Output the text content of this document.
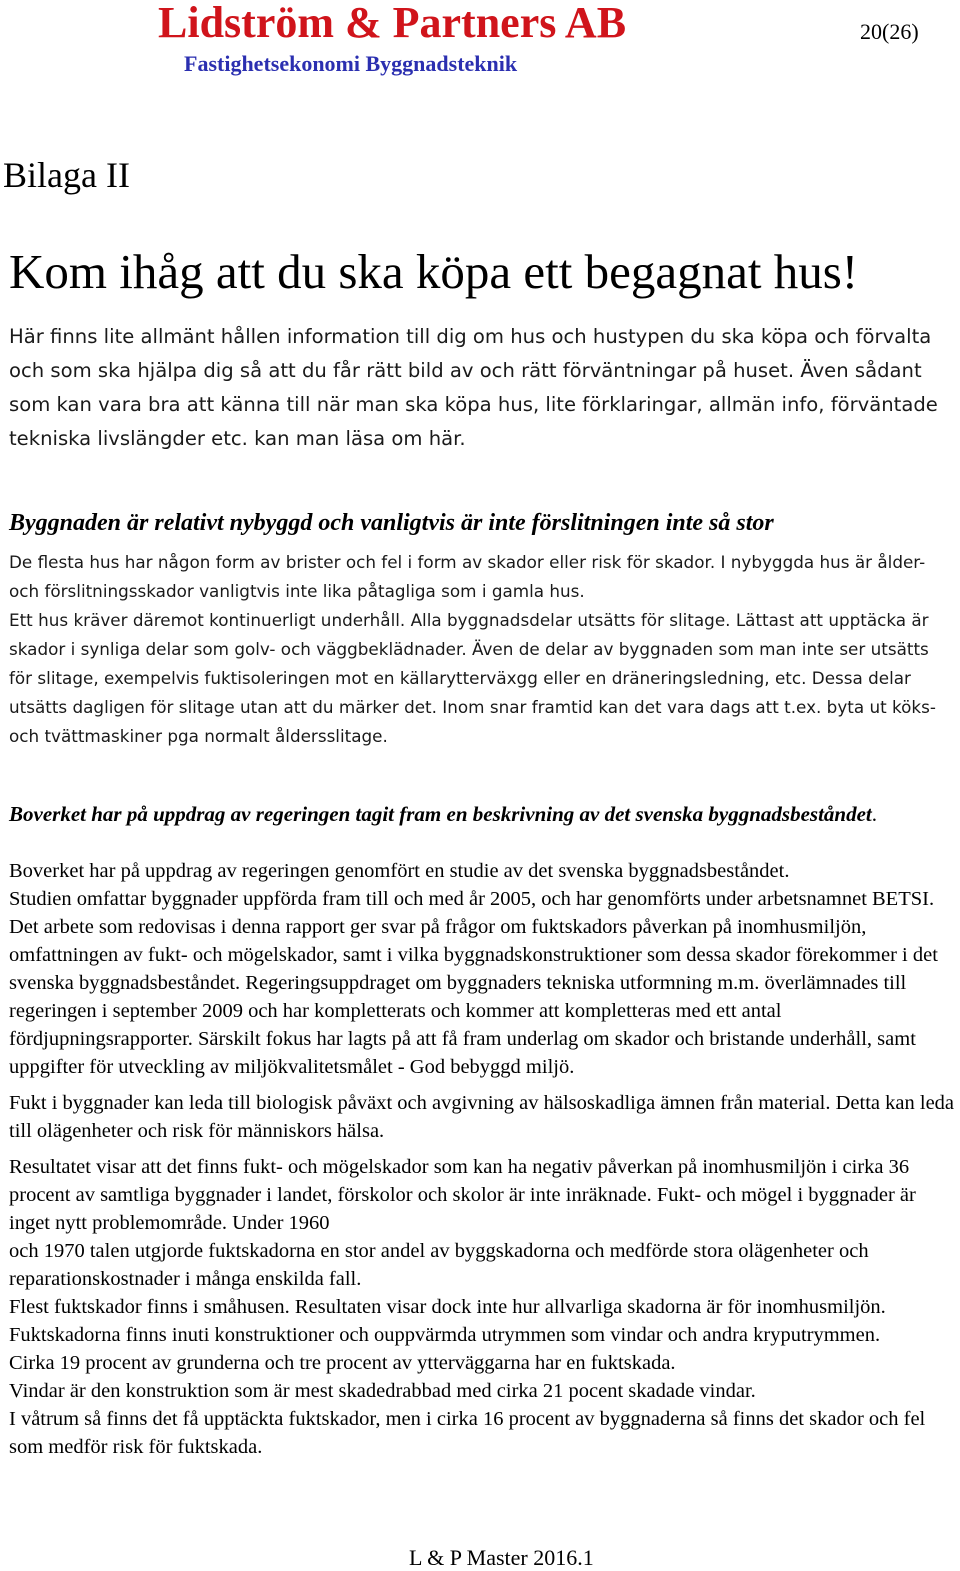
Lidström & Partners AB
Fastighetsekonomi Byggnadsteknik
20(26)
Bilaga II
Kom ihåg att du ska köpa ett begagnat hus!

Här finns lite allmänt hållen information till dig om hus och hustypen du ska köpa och förvalta och som ska hjälpa dig så att du får rätt bild av och rätt förväntningar på huset. Även sådant som kan vara bra att känna till när man ska köpa hus, lite förklaringar, allmän info, förväntade tekniska livslängder etc. kan man läsa om här.

Byggnaden är relativt nybyggd och vanligtvis är inte förslitningen inte så stor

De flesta hus har någon form av brister och fel i form av skador eller risk för skador. I nybyggda hus är ålder- och förslitningsskador vanligtvis inte lika påtagliga som i gamla hus.

Ett hus kräver däremot kontinuerligt underhåll. Alla byggnadsdelar utsätts för slitage. Lättast att upptäcka är skador i synliga delar som golv- och väggbeklädnader. Även de delar av byggnaden som man inte ser utsätts för slitage, exempelvis fuktisoleringen mot en källarytterväxgg eller en dräneringsledning, etc. Dessa delar utsätts dagligen för slitage utan att du märker det. Inom snar framtid kan det vara dags att t.ex. byta ut köks- och tvättmaskiner pga normalt åldersslitage.

Boverket har på uppdrag av regeringen tagit fram en beskrivning av det svenska byggnadsbeståndet.

Boverket har på uppdrag av regeringen genomfört en studie av det svenska byggnadsbeståndet.

Studien omfattar byggnader uppförda fram till och med år 2005, och har genomförts under arbetsnamnet BETSI.

Det arbete som redovisas i denna rapport ger svar på frågor om fuktskadors påverkan på inomhusmiljön, omfattningen av fukt- och mögelskador, samt i vilka byggnadskonstruktioner som dessa skador förekommer i det svenska byggnadsbeståndet. Regeringsuppdraget om byggnaders tekniska utformning m.m. överlämnades till regeringen i september 2009 och har kompletterats och kommer att kompletteras med ett antal fördjupningsrapporter. Särskilt fokus har lagts på att få fram underlag om skador och bristande underhåll, samt uppgifter för utveckling av miljökvalitetsmålet - God bebyggd miljö.

Fukt i byggnader kan leda till biologisk påväxt och avgivning av hälsoskadliga ämnen från material. Detta kan leda till olägenheter och risk för människors hälsa.

Resultatet visar att det finns fukt- och mögelskador som kan ha negativ påverkan på inomhusmiljön i cirka 36 procent av samtliga byggnader i landet, förskolor och skolor är inte inräknade. Fukt- och mögel i byggnader är inget nytt problemområde. Under 1960

och 1970 talen utgjorde fuktskadorna en stor andel av byggskadorna och medförde stora olägenheter och reparationskostnader i många enskilda fall.

Flest fuktskador finns i småhusen. Resultaten visar dock inte hur allvarliga skadorna är för inomhusmiljön. Fuktskadorna finns inuti konstruktioner och ouppvärmda utrymmen som vindar och andra kryputrymmen.

Cirka 19 procent av grunderna och tre procent av ytterväggarna har en fuktskada.

Vindar är den konstruktion som är mest skadedrabbad med cirka 21 pocent skadade vindar.

I våtrum så finns det få upptäckta fuktskador, men i cirka 16 procent av byggnaderna så finns det skador och fel som medför risk för fuktskada.

L & P Master 2016.1
